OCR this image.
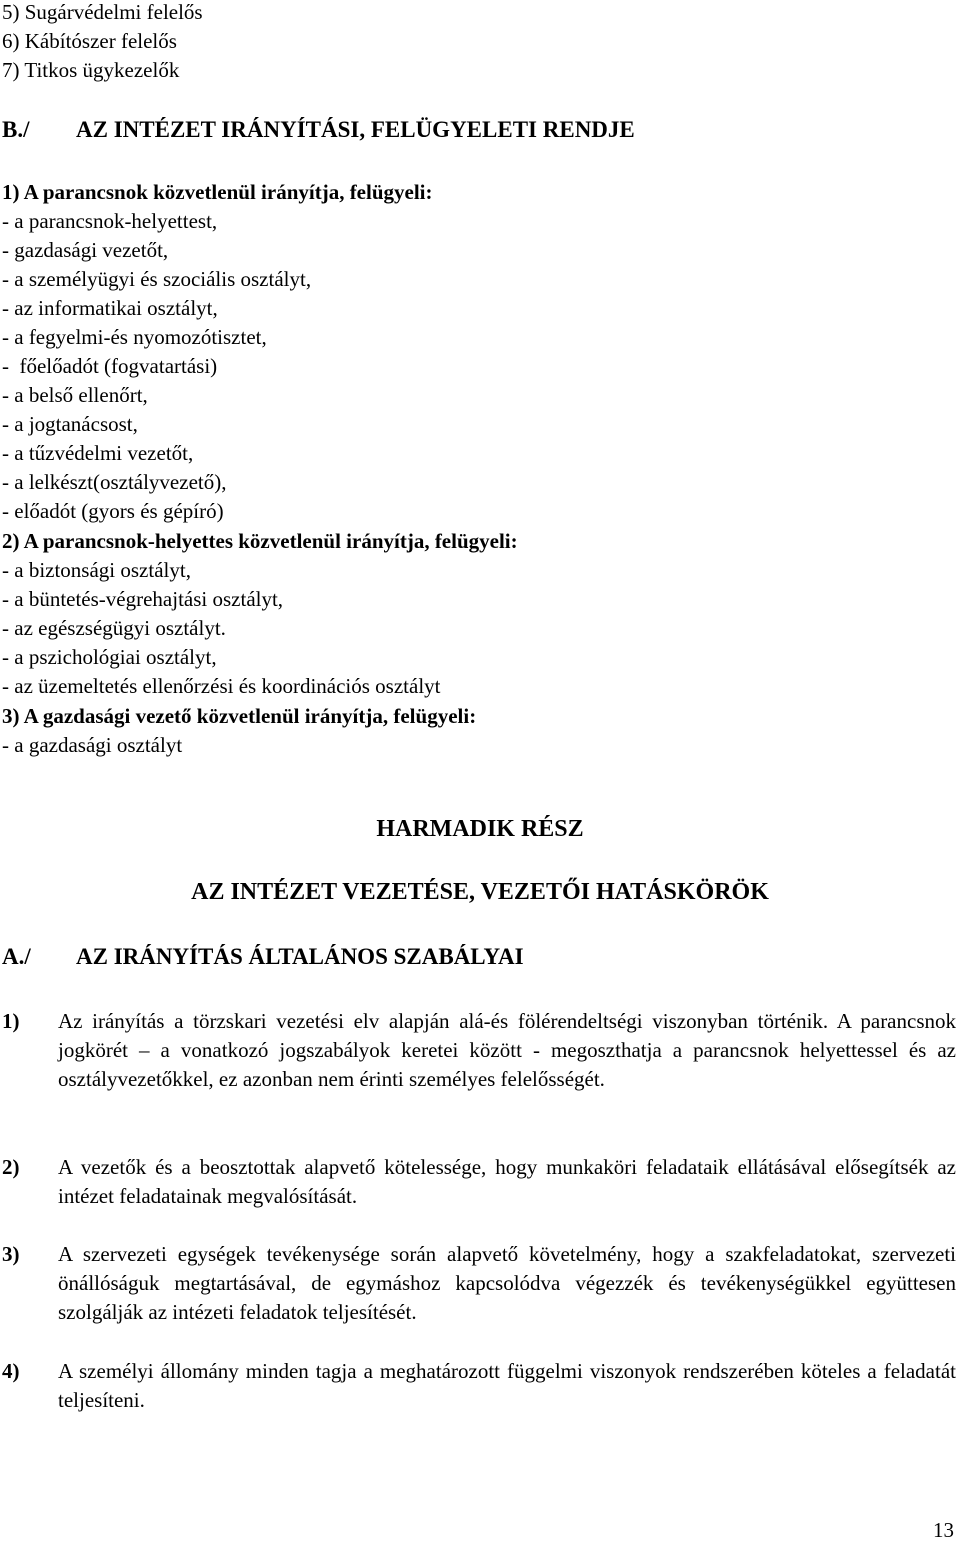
5) Sugárvédelmi felelős
6) Kábítószer felelős
7) Titkos ügykezelők
B./ AZ INTÉZET IRÁNYÍTÁSI, FELÜGYELETI RENDJE
1) A parancsnok közvetlenül irányítja, felügyeli:
- a parancsnok-helyettest,
- gazdasági vezetőt,
- a személyügyi és szociális osztályt,
- az informatikai osztályt,
- a fegyelmi-és nyomozótisztet,
-  főelőadót (fogvatartási)
- a belső ellenőrt,
- a jogtanácsost,
- a tűzvédelmi vezetőt,
- a lelkészt(osztályvezető),
- előadót (gyors és gépíró)
2) A parancsnok-helyettes közvetlenül irányítja, felügyeli:
- a biztonsági osztályt,
- a büntetés-végrehajtási osztályt,
- az egészségügyi osztályt.
- a pszichológiai osztályt,
- az üzemeltetés ellenőrzési és koordinációs osztályt
3) A gazdasági vezető közvetlenül irányítja, felügyeli:
- a gazdasági osztályt
HARMADIK RÉSZ
AZ INTÉZET VEZETÉSE, VEZETŐI HATÁSKÖRÖK
A./ AZ IRÁNYÍTÁS ÁLTALÁNOS SZABÁLYAI
1) Az irányítás a törzskari vezetési elv alapján alá-és fölérendeltségi viszonyban történik. A parancsnok jogkörét – a vonatkozó jogszabályok keretei között - megoszthatja a parancsnok helyettessel és az osztályvezetőkkel, ez azonban nem érinti személyes felelősségét.
2) A vezetők és a beosztottak alapvető kötelessége, hogy munkaköri feladataik ellátásával elősegítsék az intézet feladatainak megvalósítását.
3) A szervezeti egységek tevékenysége során alapvető követelmény, hogy a szakfeladatokat, szervezeti önállóságuk megtartásával, de egymáshoz kapcsolódva végezzék és tevékenységükkel együttesen szolgálják az intézeti feladatok teljesítését.
4) A személyi állomány minden tagja a meghatározott függelmi viszonyok rendszerében köteles a feladatát teljesíteni.
13
